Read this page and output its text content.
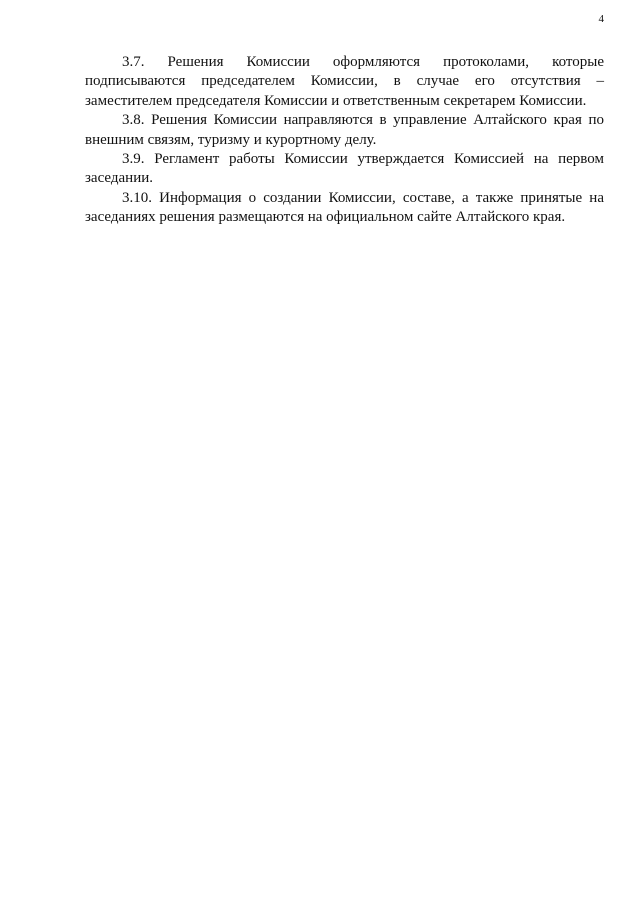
4

3.7. Решения Комиссии оформляются протоколами, которые подписываются председателем Комиссии, в случае его отсутствия – заместителем председателя Комиссии и ответственным секретарем Комиссии.

3.8. Решения Комиссии направляются в управление Алтайского края по внешним связям, туризму и курортному делу.

3.9. Регламент работы Комиссии утверждается Комиссией на первом заседании.

3.10. Информация о создании Комиссии, составе, а также принятые на заседаниях решения размещаются на официальном сайте Алтайского края.
